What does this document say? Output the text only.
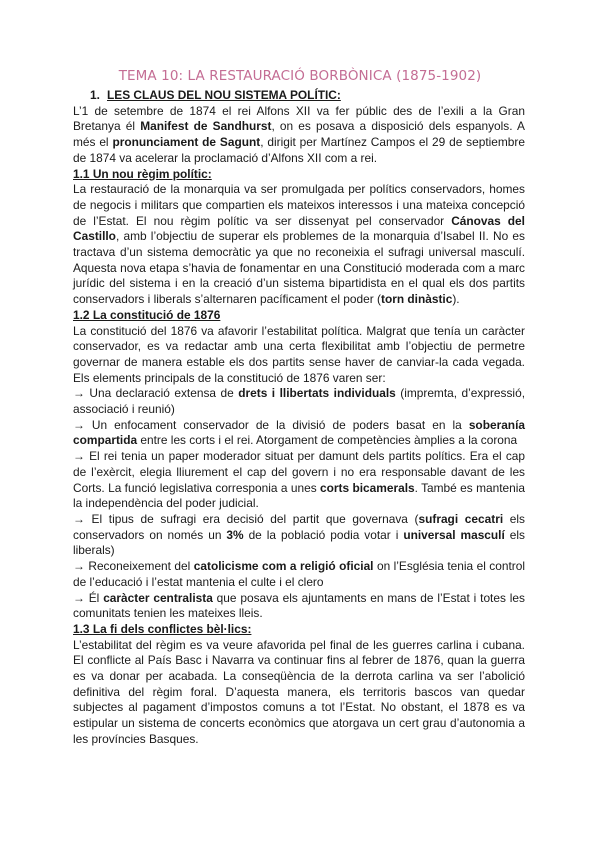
TEMA 10: LA RESTAURACIÓ BORBÒNICA (1875-1902)

1. LES CLAUS DEL NOU SISTEMA POLÍTIC:

L’1 de setembre de 1874 el rei Alfons XII va fer públic des de l’exili a la Gran Bretanya él Manifest de Sandhurst, on es posava a disposició dels espanyols. A més el pronunciament de Sagunt, dirigit per Martínez Campos el 29 de septiembre de 1874 va acelerar la proclamació d’Alfons XII com a rei.

1.1 Un nou règim polític:

La restauració de la monarquia va ser promulgada per polítics conservadors, homes de negocis i militars que compartien els mateixos interessos i una mateixa concepció de l’Estat. El nou règim polític va ser dissenyat pel conservador Cánovas del Castillo, amb l’objectiu de superar els problemes de la monarquia d’Isabel II. No es tractava d’un sistema democràtic ya que no reconeixia el sufragi universal masculí. Aquesta nova etapa s’havia de fonamentar en una Constitució moderada com a marc jurídic del sistema i en la creació d’un sistema bipartidista en el qual els dos partits conservadors i liberals s’alternaren pacíficament el poder (torn dinàstic).

1.2 La constitució de 1876

La constitució del 1876 va afavorir l’estabilitat política. Malgrat que tenía un caràcter conservador, es va redactar amb una certa flexibilitat amb l’objectiu de permetre governar de manera estable els dos partits sense haver de canviar-la cada vegada. Els elements principals de la constitució de 1876 varen ser:

→ Una declaració extensa de drets i llibertats individuals (impremta, d’expressió, associació i reunió)

→ Un enfocament conservador de la divisió de poders basat en la soberanía compartida entre les corts i el rei. Atorgament de competències àmplies a la corona

→ El rei tenia un paper moderador situat per damunt dels partits polítics. Era el cap de l’exèrcit, elegia lliurement el cap del govern i no era responsable davant de les Corts. La funció legislativa corresponia a unes corts bicamerals. També es mantenia la independència del poder judicial.

→ El tipus de sufragi era decisió del partit que governava (sufragi cecatri els conservadors on només un 3% de la població podia votar i universal masculí els liberals)

→ Reconeixement del catolicisme com a religió oficial on l’Església tenia el control de l’educació i l’estat mantenia el culte i el clero

→ Él caràcter centralista que posava els ajuntaments en mans de l’Estat i totes les comunitats tenien les mateixes lleis.

1.3 La fi dels conflictes bèl·lics:

L’estabilitat del règim es va veure afavorida pel final de les guerres carlina i cubana. El conflicte al País Basc i Navarra va continuar fins al febrer de 1876, quan la guerra es va donar per acabada. La conseqüència de la derrota carlina va ser l’abolició definitiva del règim foral. D’aquesta manera, els territoris bascos van quedar subjectes al pagament d’impostos comuns a tot l’Estat. No obstant, el 1878 es va estipular un sistema de concerts econòmics que atorgava un cert grau d’autonomia a les províncies Basques.
